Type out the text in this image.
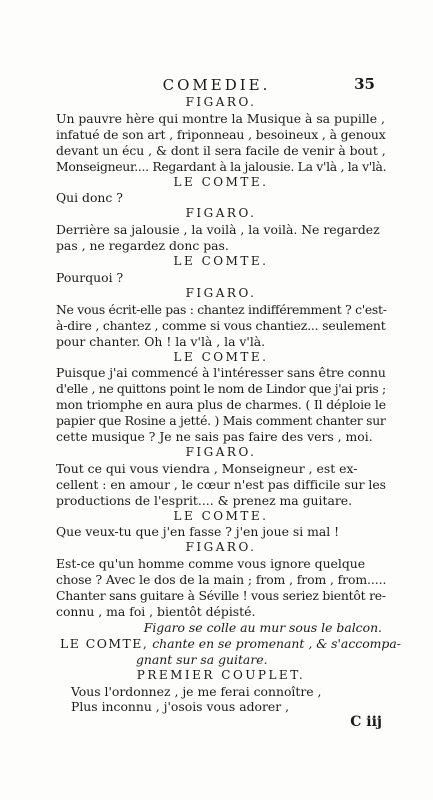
COMEDIE.	35
FIGARO.
Un pauvre hère qui montre la Musique à sa pupille ,
infatué de son art , friponneau , besoineux , à genoux
devant un écu , & dont il sera facile de venir à bout ,
Monseigneur.... Regardant à la jalousie. La v'là , la v'là.
LE COMTE.
Qui donc ?
FIGARO.
Derrière sa jalousie , la voilà , la voilà. Ne regardez
pas , ne regardez donc pas.
LE COMTE.
Pourquoi ?
FIGARO.
Ne vous écrit-elle pas : chantez indifféremment ? c'est-
à-dire , chantez , comme si vous chantiez... seulement
pour chanter. Oh ! la v'là , la v'là.
LE COMTE.
Puisque j'ai commencé à l'intéresser sans être connu
d'elle , ne quittons point le nom de Lindor que j'ai pris ;
mon triomphe en aura plus de charmes. ( Il déploie le
papier que Rosine a jetté. ) Mais comment chanter sur
cette musique ? Je ne sais pas faire des vers , moi.
FIGARO.
Tout ce qui vous viendra , Monseigneur , est ex-
cellent : en amour , le cœur n'est pas difficile sur les
productions de l'esprit.... & prenez ma guitare.
LE COMTE.
Que veux-tu que j'en fasse ? j'en joue si mal !
FIGARO.
Est-ce qu'un homme comme vous ignore quelque
chose ? Avec le dos de la main ; from , from , from.....
Chanter sans guitare à Séville ! vous seriez bientôt re-
connu , ma foi , bientôt dépisté.
Figaro se colle au mur sous le balcon.
LE COMTE, chante en se promenant , & s'accompa-
gnant sur sa guitare.
PREMIER COUPLET.
Vous l'ordonnez , je me ferai connoître ,
Plus inconnu , j'osois vous adorer ,
C iij
